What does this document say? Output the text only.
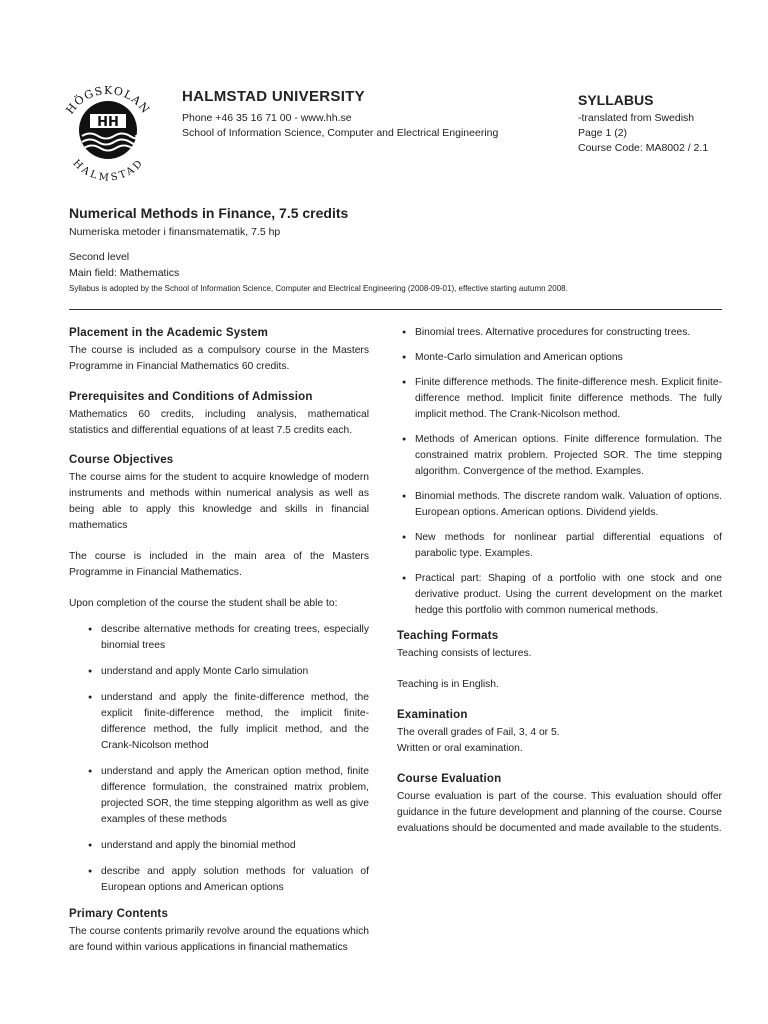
HÖGSKOLAN
HALMSTAD
HH
HALMSTAD UNIVERSITY
Phone +46 35 16 71 00 - www.hh.se
School of Information Science, Computer and Electrical Engineering
SYLLABUS
-translated from Swedish
Page 1 (2)
Course Code: MA8002 / 2.1
Numerical Methods in Finance, 7.5 credits
Numeriska metoder i finansmatematik, 7.5 hp
Second level
Main field: Mathematics
Syllabus is adopted by the School of Information Science, Computer and Electrical Engineering (2008-09-01), effective starting autumn 2008.
Placement in the Academic System

The course is included as a compulsory course in the Masters Programme in Financial Mathematics 60 credits.

Prerequisites and Conditions of Admission

Mathematics 60 credits, including analysis, mathematical statistics and differential equations of at least 7.5 credits each.

Course Objectives

The course aims for the student to acquire knowledge of modern instruments and methods within numerical analysis as well as being able to apply this knowledge and skills in financial mathematics

The course is included in the main area of the Masters Programme in Financial Mathematics.

Upon completion of the course the student shall be able to:

● describe alternative methods for creating trees, especially binomial trees
● understand and apply Monte Carlo simulation
● understand and apply the finite-difference method, the explicit finite-difference method, the implicit finite-difference method, the fully implicit method, and the Crank-Nicolson method
● understand and apply the American option method, finite difference formulation, the constrained matrix problem, projected SOR, the time stepping algorithm as well as give examples of these methods
● understand and apply the binomial method
● describe and apply solution methods for valuation of European options and American options
Primary Contents

The course contents primarily revolve around the equations which are found within various applications in financial mathematics

● Binomial trees. Alternative procedures for constructing trees.
● Monte-Carlo simulation and American options
● Finite difference methods. The finite-difference mesh. Explicit finite-difference method. Implicit finite difference methods. The fully implicit method. The Crank-Nicolson method.
● Methods of American options. Finite difference formulation. The constrained matrix problem. Projected SOR. The time stepping algorithm. Convergence of the method. Examples.
● Binomial methods. The discrete random walk. Valuation of options. European options. American options. Dividend yields.
● New methods for nonlinear partial differential equations of parabolic type. Examples.
● Practical part: Shaping of a portfolio with one stock and one derivative product. Using the current development on the market hedge this portfolio with common numerical methods.
Teaching Formats

Teaching consists of lectures.

Teaching is in English.

Examination

The overall grades of Fail, 3, 4 or 5.

Written or oral examination.

Course Evaluation

Course evaluation is part of the course. This evaluation should offer guidance in the future development and planning of the course. Course evaluations should be documented and made available to the students.
